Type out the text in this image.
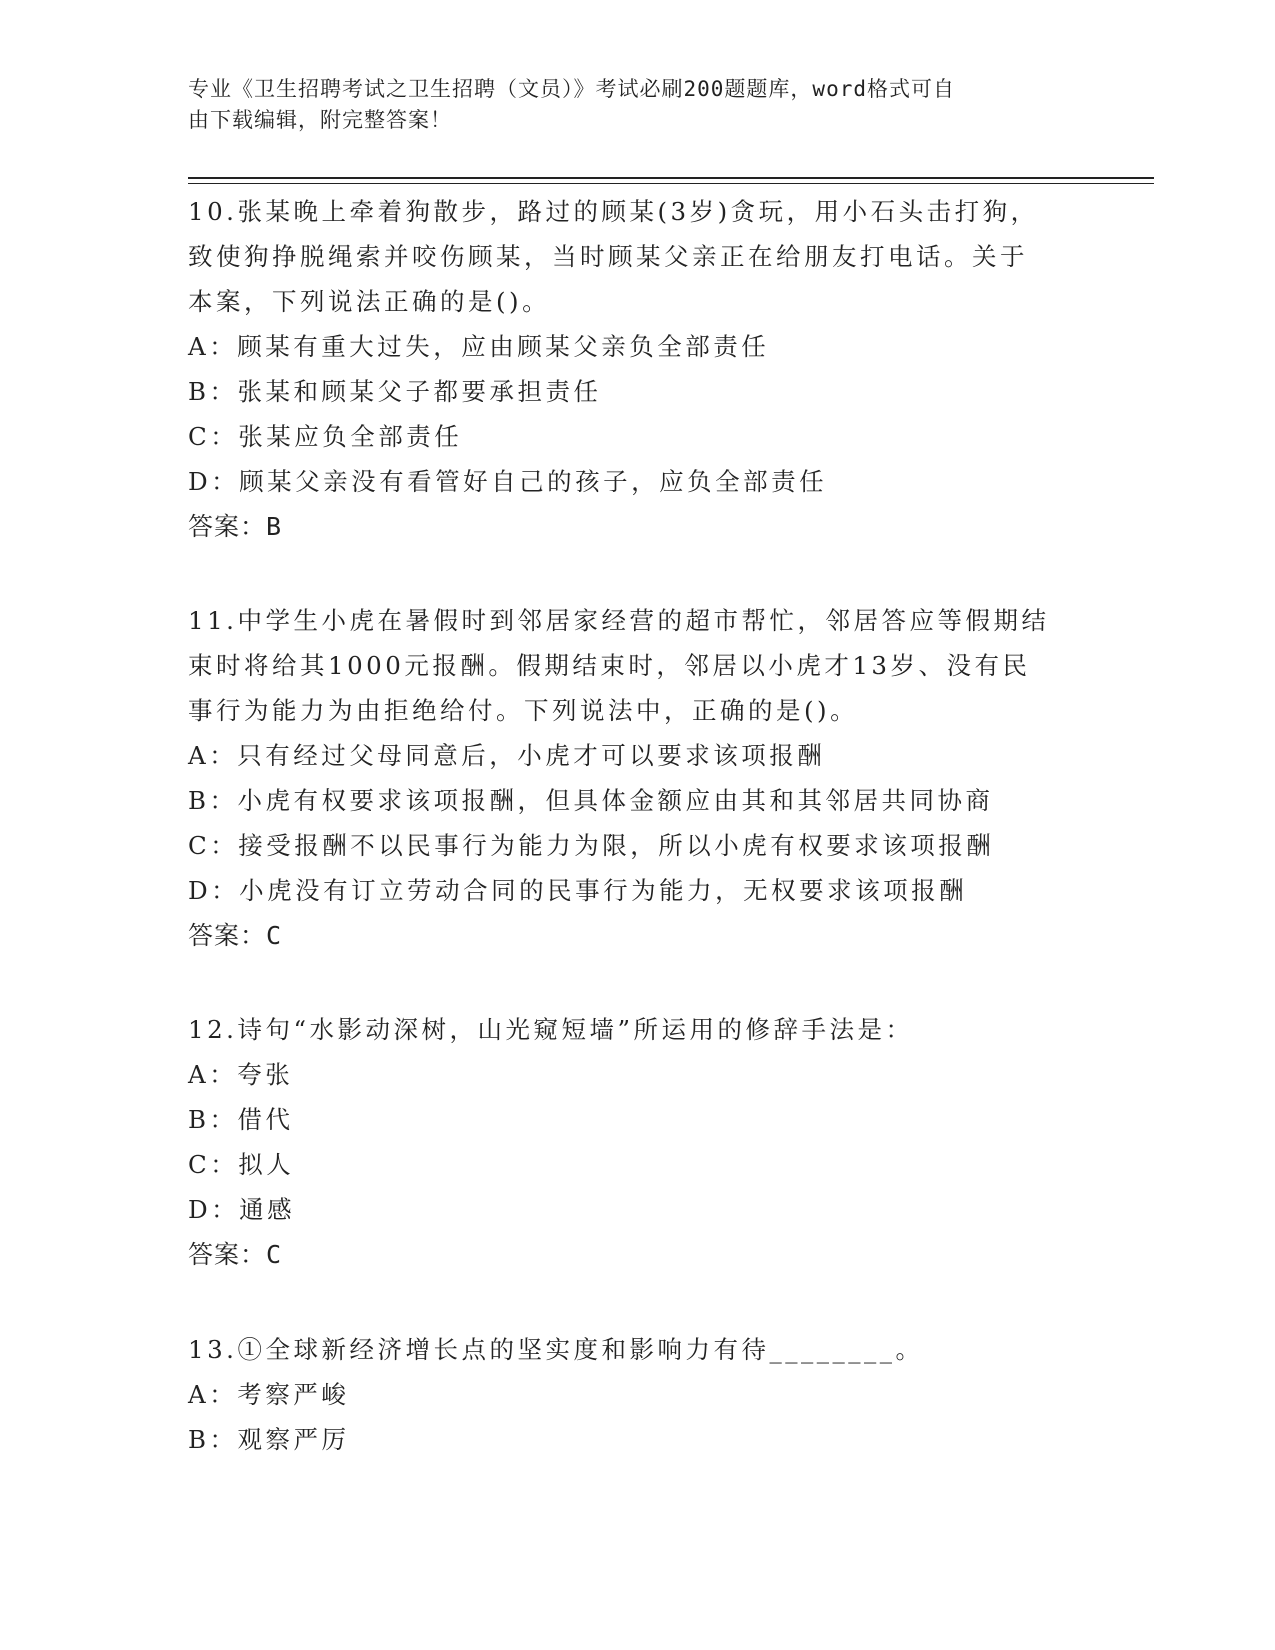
专业《卫生招聘考试之卫生招聘（文员）》考试必刷200题题库，word格式可自
由下载编辑，附完整答案！

10.张某晚上牵着狗散步，路过的顾某(3岁)贪玩，用小石头击打狗，

致使狗挣脱绳索并咬伤顾某，当时顾某父亲正在给朋友打电话。关于

本案，下列说法正确的是()。

A：顾某有重大过失，应由顾某父亲负全部责任

B：张某和顾某父子都要承担责任

C：张某应负全部责任

D：顾某父亲没有看管好自己的孩子，应负全部责任

答案：B

11.中学生小虎在暑假时到邻居家经营的超市帮忙，邻居答应等假期结

束时将给其1000元报酬。假期结束时，邻居以小虎才13岁、没有民

事行为能力为由拒绝给付。下列说法中，正确的是()。

A：只有经过父母同意后，小虎才可以要求该项报酬

B：小虎有权要求该项报酬，但具体金额应由其和其邻居共同协商

C：接受报酬不以民事行为能力为限，所以小虎有权要求该项报酬

D：小虎没有订立劳动合同的民事行为能力，无权要求该项报酬

答案：C

12.诗句“水影动深树，山光窥短墙”所运用的修辞手法是：

A：夸张

B：借代

C：拟人

D：通感

答案：C

13.①全球新经济增长点的坚实度和影响力有待________。

A：考察严峻

B：观察严厉
